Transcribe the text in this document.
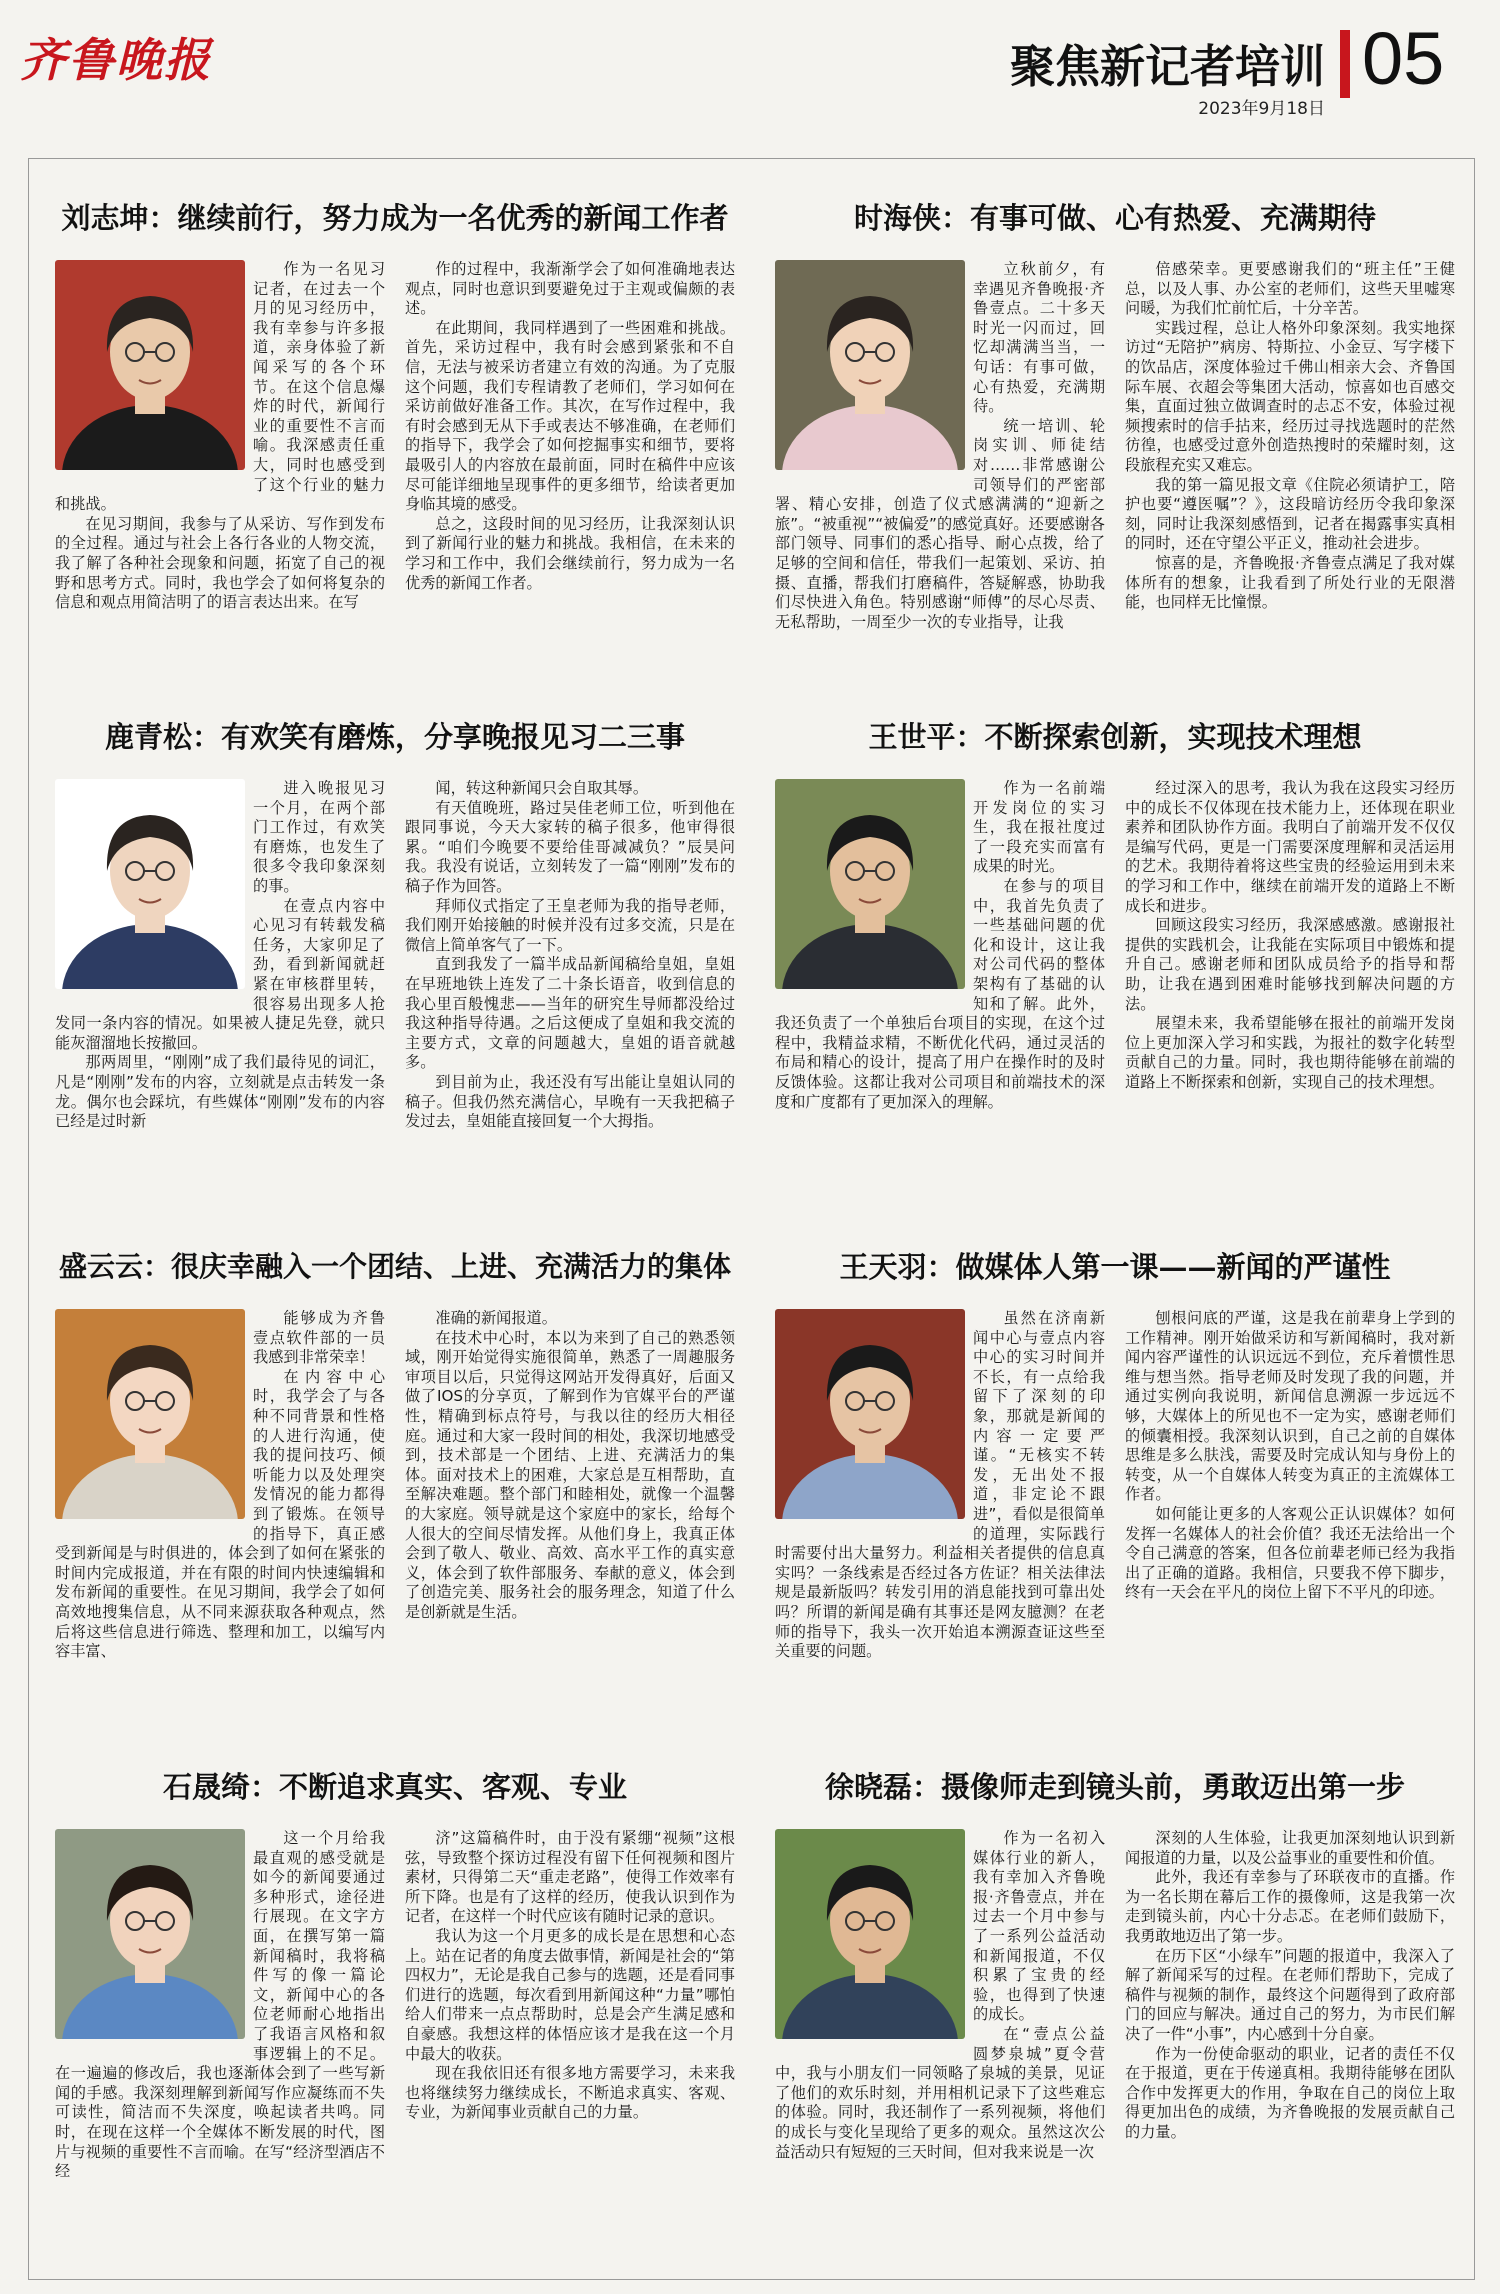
齐鲁晚报	聚焦新记者培训 05
2023年9月18日
刘志坤：继续前行，努力成为一名优秀的新闻工作者

作为一名见习记者，在过去一个月的见习经历中，我有幸参与许多报道，亲身体验了新闻采写的各个环节。在这个信息爆炸的时代，新闻行业的重要性不言而喻。我深感责任重大，同时也感受到了这个行业的魅力和挑战。

在见习期间，我参与了从采访、写作到发布的全过程。通过与社会上各行各业的人物交流，我了解了各种社会现象和问题，拓宽了自己的视野和思考方式。同时，我也学会了如何将复杂的信息和观点用简洁明了的语言表达出来。在写

作的过程中，我渐渐学会了如何准确地表达观点，同时也意识到要避免过于主观或偏颇的表述。

在此期间，我同样遇到了一些困难和挑战。首先，采访过程中，我有时会感到紧张和不自信，无法与被采访者建立有效的沟通。为了克服这个问题，我们专程请教了老师们，学习如何在采访前做好准备工作。其次，在写作过程中，我有时会感到无从下手或表达不够准确，在老师们的指导下，我学会了如何挖掘事实和细节，要将最吸引人的内容放在最前面，同时在稿件中应该尽可能详细地呈现事件的更多细节，给读者更加身临其境的感受。

总之，这段时间的见习经历，让我深刻认识到了新闻行业的魅力和挑战。我相信，在未来的学习和工作中，我们会继续前行，努力成为一名优秀的新闻工作者。

时海侠：有事可做、心有热爱、充满期待

立秋前夕，有幸遇见齐鲁晚报·齐鲁壹点。二十多天时光一闪而过，回忆却满满当当，一句话：有事可做，心有热爱，充满期待。

统一培训、轮岗实训、师徒结对……非常感谢公司领导们的严密部署、精心安排，创造了仪式感满满的“迎新之旅”。“被重视”“被偏爱”的感觉真好。还要感谢各部门领导、同事们的悉心指导、耐心点拨，给了足够的空间和信任，带我们一起策划、采访、拍摄、直播，帮我们打磨稿件，答疑解惑，协助我们尽快进入角色。特别感谢“师傅”的尽心尽责、无私帮助，一周至少一次的专业指导，让我

倍感荣幸。更要感谢我们的“班主任”王健总，以及人事、办公室的老师们，这些天里嘘寒问暖，为我们忙前忙后，十分辛苦。

实践过程，总让人格外印象深刻。我实地探访过“无陪护”病房、特斯拉、小金豆、写字楼下的饮品店，深度体验过千佛山相亲大会、齐鲁国际车展、衣超会等集团大活动，惊喜如也百感交集，直面过独立做调查时的忐忑不安，体验过视频搜索时的信手拈来，经历过寻找选题时的茫然彷徨，也感受过意外创造热搜时的荣耀时刻，这段旅程充实又难忘。

我的第一篇见报文章《住院必须请护工，陪护也要“遵医嘱”？》，这段暗访经历令我印象深刻，同时让我深刻感悟到，记者在揭露事实真相的同时，还在守望公平正义，推动社会进步。

惊喜的是，齐鲁晚报·齐鲁壹点满足了我对媒体所有的想象，让我看到了所处行业的无限潜能，也同样无比憧憬。

鹿青松：有欢笑有磨炼，分享晚报见习二三事

进入晚报见习一个月，在两个部门工作过，有欢笑有磨炼，也发生了很多令我印象深刻的事。

在壹点内容中心见习有转载发稿任务，大家卯足了劲，看到新闻就赶紧在审核群里转，很容易出现多人抢发同一条内容的情况。如果被人捷足先登，就只能灰溜溜地长按撤回。

那两周里，“刚刚”成了我们最待见的词汇，凡是“刚刚”发布的内容，立刻就是点击转发一条龙。偶尔也会踩坑，有些媒体“刚刚”发布的内容已经是过时新

闻，转这种新闻只会自取其辱。

有天值晚班，路过吴佳老师工位，听到他在跟同事说，今天大家转的稿子很多，他审得很累。“咱们今晚要不要给佳哥减减负？”辰昊问我。我没有说话，立刻转发了一篇“刚刚”发布的稿子作为回答。

拜师仪式指定了王皇老师为我的指导老师，我们刚开始接触的时候并没有过多交流，只是在微信上简单客气了一下。

直到我发了一篇半成品新闻稿给皇姐，皇姐在早班地铁上连发了二十条长语音，收到信息的我心里百般愧悲——当年的研究生导师都没给过我这种指导待遇。之后这便成了皇姐和我交流的主要方式，文章的问题越大，皇姐的语音就越多。

到目前为止，我还没有写出能让皇姐认同的稿子。但我仍然充满信心，早晚有一天我把稿子发过去，皇姐能直接回复一个大拇指。

王世平：不断探索创新，实现技术理想

作为一名前端开发岗位的实习生，我在报社度过了一段充实而富有成果的时光。

在参与的项目中，我首先负责了一些基础问题的优化和设计，这让我对公司代码的整体架构有了基础的认知和了解。此外，我还负责了一个单独后台项目的实现，在这个过程中，我精益求精，不断优化代码，通过灵活的布局和精心的设计，提高了用户在操作时的及时反馈体验。这都让我对公司项目和前端技术的深度和广度都有了更加深入的理解。

经过深入的思考，我认为我在这段实习经历中的成长不仅体现在技术能力上，还体现在职业素养和团队协作方面。我明白了前端开发不仅仅是编写代码，更是一门需要深度理解和灵活运用的艺术。我期待着将这些宝贵的经验运用到未来的学习和工作中，继续在前端开发的道路上不断成长和进步。

回顾这段实习经历，我深感感激。感谢报社提供的实践机会，让我能在实际项目中锻炼和提升自己。感谢老师和团队成员给予的指导和帮助，让我在遇到困难时能够找到解决问题的方法。

展望未来，我希望能够在报社的前端开发岗位上更加深入学习和实践，为报社的数字化转型贡献自己的力量。同时，我也期待能够在前端的道路上不断探索和创新，实现自己的技术理想。

盛云云：很庆幸融入一个团结、上进、充满活力的集体

能够成为齐鲁壹点软件部的一员我感到非常荣幸！

在内容中心时，我学会了与各种不同背景和性格的人进行沟通，使我的提问技巧、倾听能力以及处理突发情况的能力都得到了锻炼。在领导的指导下，真正感受到新闻是与时俱进的，体会到了如何在紧张的时间内完成报道，并在有限的时间内快速编辑和发布新闻的重要性。在见习期间，我学会了如何高效地搜集信息，从不同来源获取各种观点，然后将这些信息进行筛选、整理和加工，以编写内容丰富、

准确的新闻报道。

在技术中心时，本以为来到了自己的熟悉领域，刚开始觉得实施很简单，熟悉了一周趣服务审项目以后，只觉得这网站开发得真好，后面又做了IOS的分享页，了解到作为官媒平台的严谨性，精确到标点符号，与我以往的经历大相径庭。通过和大家一段时间的相处，我深切地感受到，技术部是一个团结、上进、充满活力的集体。面对技术上的困难，大家总是互相帮助，直至解决难题。整个部门和睦相处，就像一个温馨的大家庭。领导就是这个家庭中的家长，给每个人很大的空间尽情发挥。从他们身上，我真正体会到了敬人、敬业、高效、高水平工作的真实意义，体会到了软件部服务、奉献的意义，体会到了创造完美、服务社会的服务理念，知道了什么是创新就是生活。

王天羽：做媒体人第一课——新闻的严谨性

虽然在济南新闻中心与壹点内容中心的实习时间并不长，有一点给我留下了深刻的印象，那就是新闻的内容一定要严谨。“无核实不转发，无出处不报道，非定论不跟进”，看似是很简单的道理，实际践行时需要付出大量努力。利益相关者提供的信息真实吗？一条线索是否经过各方佐证？相关法律法规是最新版吗？转发引用的消息能找到可靠出处吗？所谓的新闻是确有其事还是网友臆测？在老师的指导下，我头一次开始追本溯源查证这些至关重要的问题。

刨根问底的严谨，这是我在前辈身上学到的工作精神。刚开始做采访和写新闻稿时，我对新闻内容严谨性的认识远远不到位，充斥着惯性思维与想当然。指导老师及时发现了我的问题，并通过实例向我说明，新闻信息溯源一步远远不够，大媒体上的所见也不一定为实，感谢老师们的倾囊相授。我深刻认识到，自己之前的自媒体思维是多么肤浅，需要及时完成认知与身份上的转变，从一个自媒体人转变为真正的主流媒体工作者。

如何能让更多的人客观公正认识媒体？如何发挥一名媒体人的社会价值？我还无法给出一个令自己满意的答案，但各位前辈老师已经为我指出了正确的道路。我相信，只要我不停下脚步，终有一天会在平凡的岗位上留下不平凡的印迹。

石晟绮：不断追求真实、客观、专业

这一个月给我最直观的感受就是如今的新闻要通过多种形式，途径进行展现。在文字方面，在撰写第一篇新闻稿时，我将稿件写的像一篇论文，新闻中心的各位老师耐心地指出了我语言风格和叙事逻辑上的不足。在一遍遍的修改后，我也逐渐体会到了一些写新闻的手感。我深刻理解到新闻写作应凝练而不失可读性，简洁而不失深度，唤起读者共鸣。同时，在现在这样一个全媒体不断发展的时代，图片与视频的重要性不言而喻。在写“经济型酒店不经

济”这篇稿件时，由于没有紧绷“视频”这根弦，导致整个探访过程没有留下任何视频和图片素材，只得第二天“重走老路”，使得工作效率有所下降。也是有了这样的经历，使我认识到作为记者，在这样一个时代应该有随时记录的意识。

我认为这一个月更多的成长是在思想和心态上。站在记者的角度去做事情，新闻是社会的“第四权力”，无论是我自己参与的选题，还是看同事们进行的选题，每次看到用新闻这种“力量”哪怕给人们带来一点点帮助时，总是会产生满足感和自豪感。我想这样的体悟应该才是我在这一个月中最大的收获。

现在我依旧还有很多地方需要学习，未来我也将继续努力继续成长，不断追求真实、客观、专业，为新闻事业贡献自己的力量。

徐晓磊：摄像师走到镜头前，勇敢迈出第一步

作为一名初入媒体行业的新人，我有幸加入齐鲁晚报·齐鲁壹点，并在过去一个月中参与了一系列公益活动和新闻报道，不仅积累了宝贵的经验，也得到了快速的成长。

在“壹点公益 圆梦泉城”夏令营中，我与小朋友们一同领略了泉城的美景，见证了他们的欢乐时刻，并用相机记录下了这些难忘的体验。同时，我还制作了一系列视频，将他们的成长与变化呈现给了更多的观众。虽然这次公益活动只有短短的三天时间，但对我来说是一次

深刻的人生体验，让我更加深刻地认识到新闻报道的力量，以及公益事业的重要性和价值。

此外，我还有幸参与了环联夜市的直播。作为一名长期在幕后工作的摄像师，这是我第一次走到镜头前，内心十分忐忑。在老师们鼓励下，我勇敢地迈出了第一步。

在历下区“小绿车”问题的报道中，我深入了解了新闻采写的过程。在老师们帮助下，完成了稿件与视频的制作，最终这个问题得到了政府部门的回应与解决。通过自己的努力，为市民们解决了一件“小事”，内心感到十分自豪。

作为一份使命驱动的职业，记者的责任不仅在于报道，更在于传递真相。我期待能够在团队合作中发挥更大的作用，争取在自己的岗位上取得更加出色的成绩，为齐鲁晚报的发展贡献自己的力量。
